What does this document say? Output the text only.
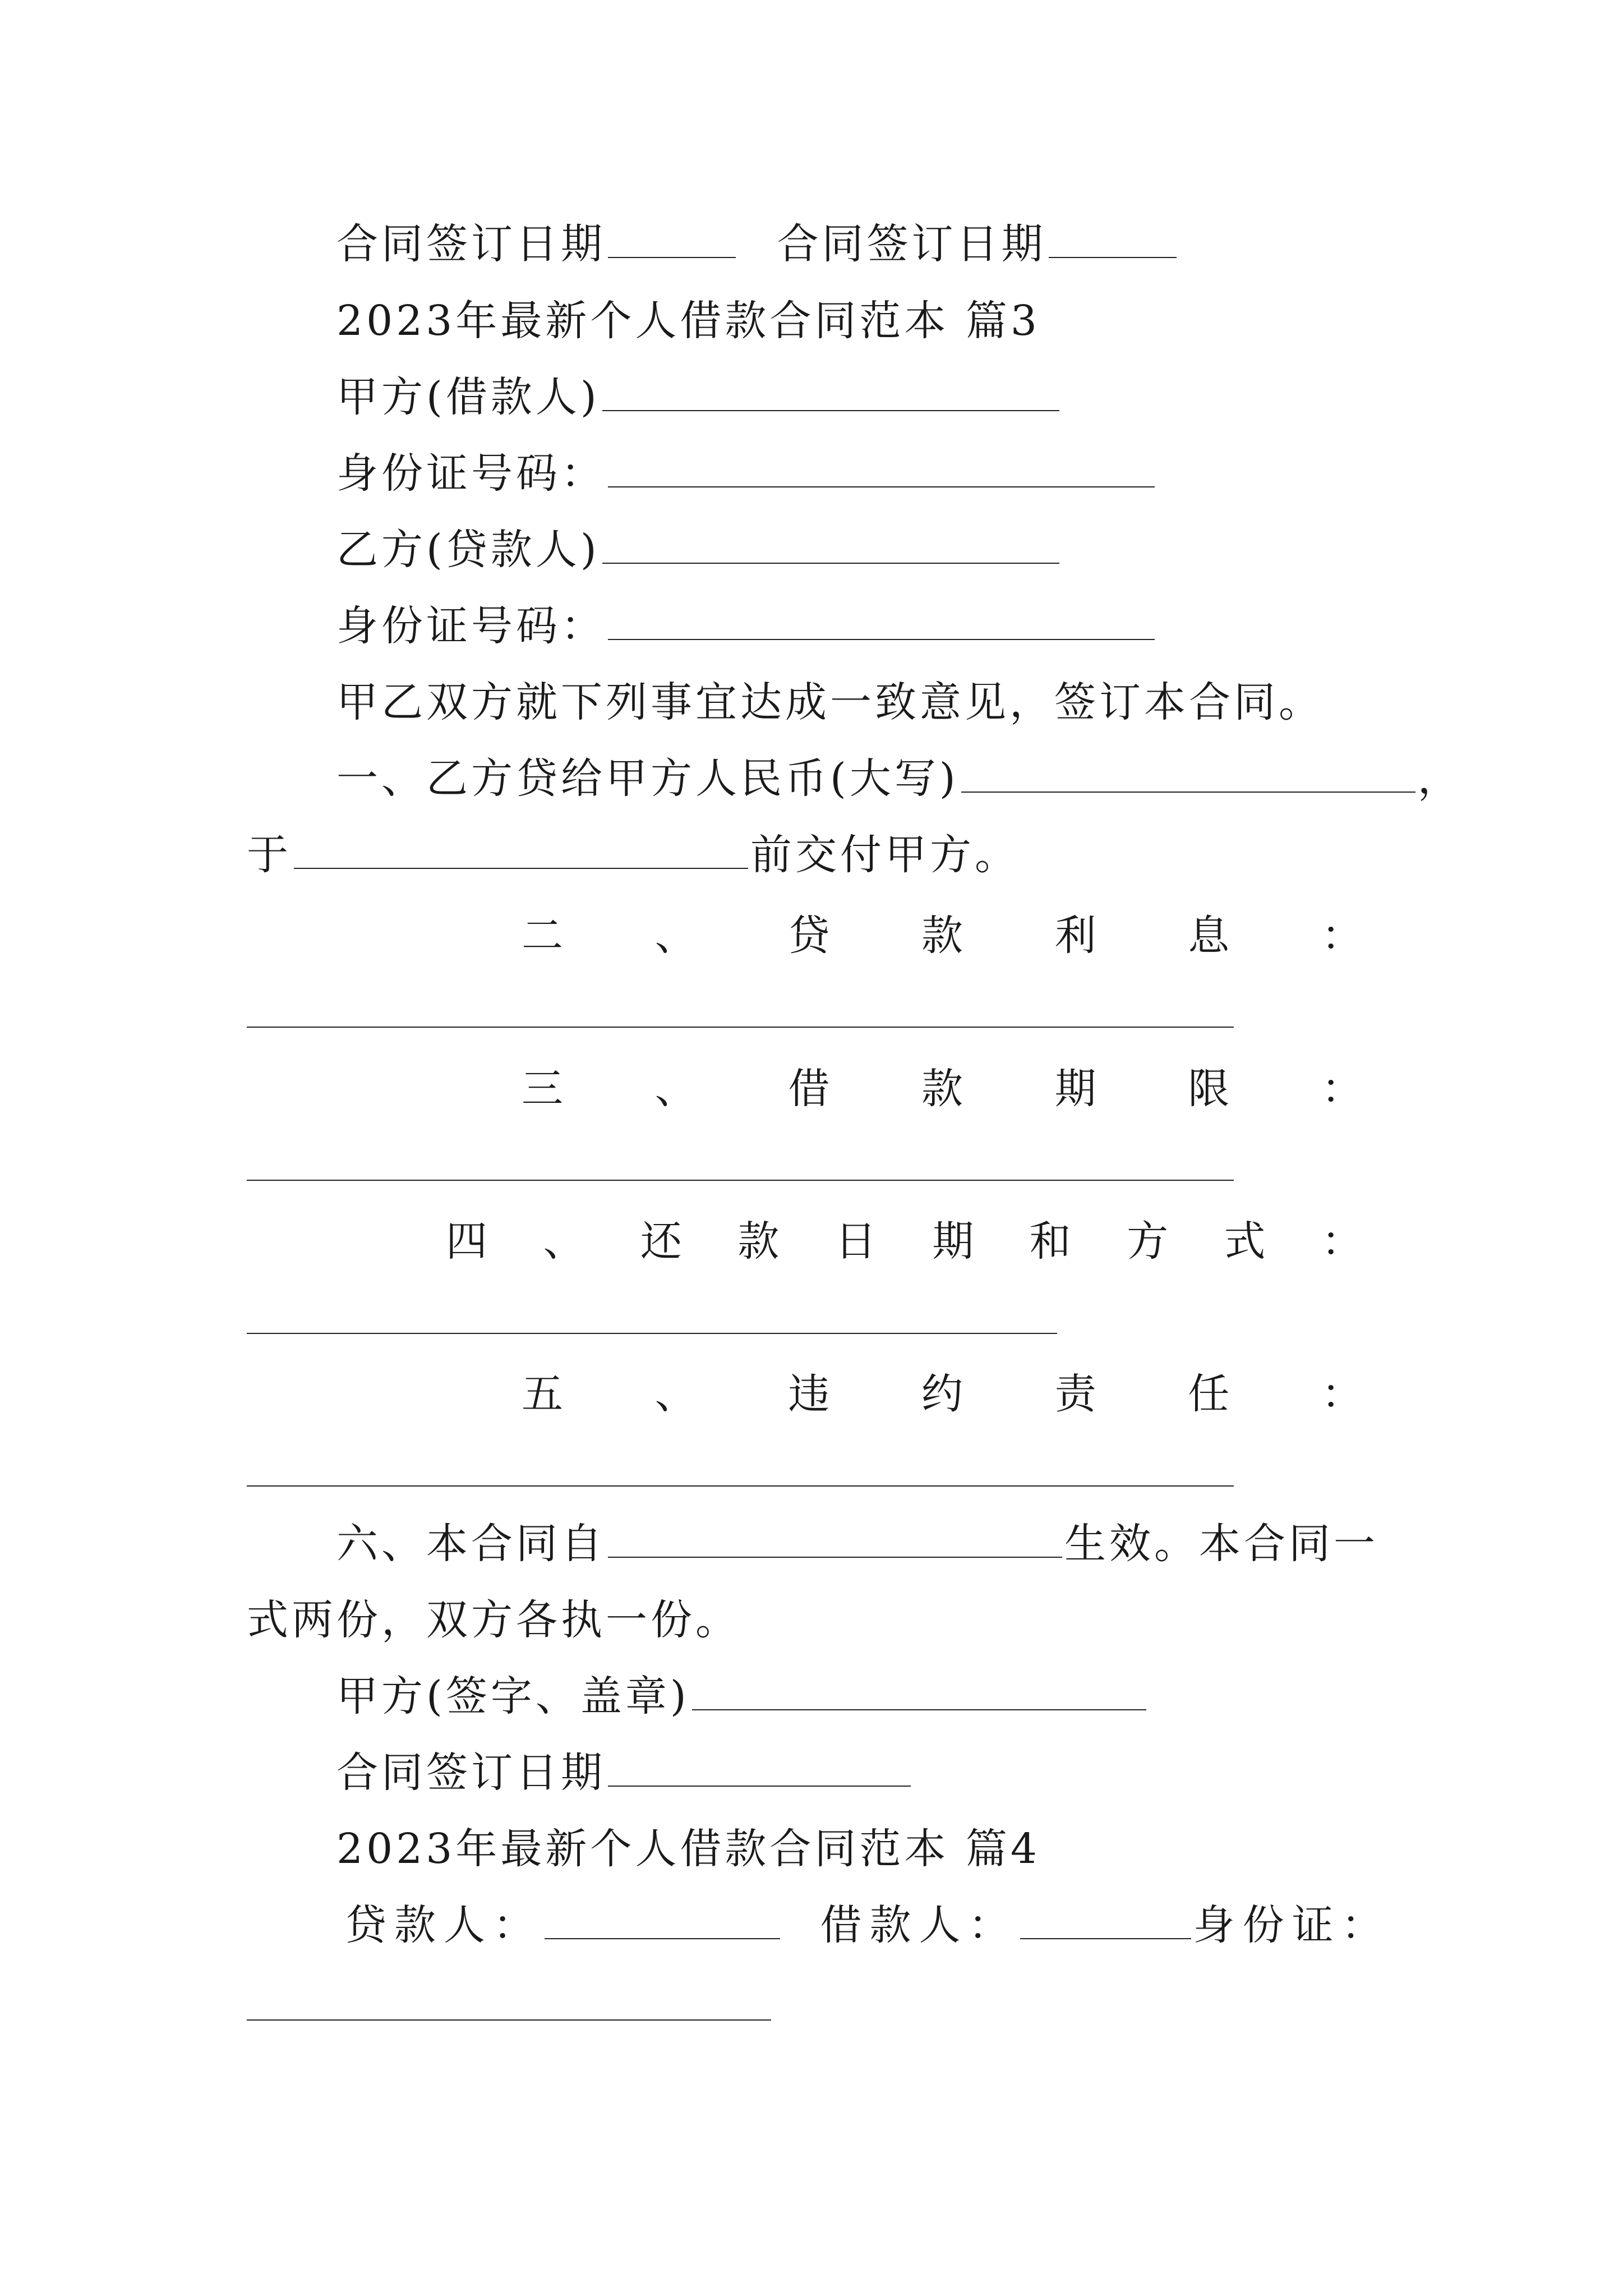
合同签订日期	合同签订日期
2023年最新个人借款合同范本 篇3
甲方(借款人)
身份证号码：
乙方(贷款人)
身份证号码：
甲乙双方就下列事宜达成一致意见，签订本合同。
一、乙方贷给甲方人民币(大写)	，
于	前交付甲方。
二 、 贷 款 利 息 ：
三 、 借 款 期 限 ：
四 、 还 款 日 期 和 方 式 ：
五 、 违 约 责 任 ：
六、本合同自	生效。本合同一
式两份，双方各执一份。
甲方(签字、盖章)
合同签订日期
2023年最新个人借款合同范本 篇4
贷款人：	借款人：	身份证：
